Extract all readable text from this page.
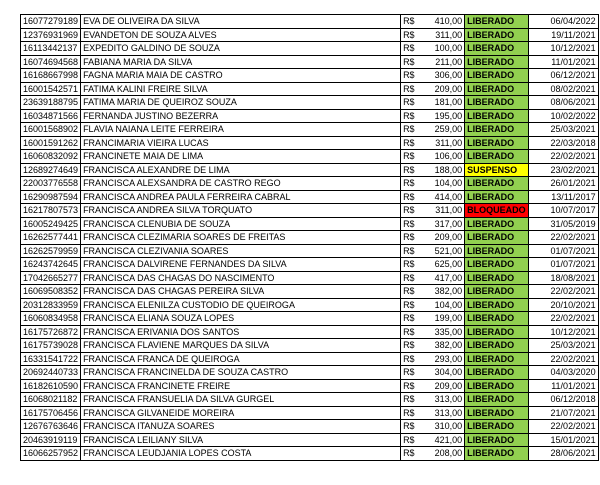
16077279189	EVA DE OLIVEIRA DA SILVA	R$	410,00	LIBERADO	06/04/2022
12376931969	EVANDETON DE SOUZA ALVES	R$	311,00	LIBERADO	19/11/2021
16113442137	EXPEDITO GALDINO DE SOUZA	R$	100,00	LIBERADO	10/12/2021
16074694568	FABIANA MARIA DA SILVA	R$	211,00	LIBERADO	11/01/2021
16168667998	FAGNA MARIA MAIA DE CASTRO	R$	306,00	LIBERADO	06/12/2021
16001542571	FATIMA KALINI FREIRE SILVA	R$	209,00	LIBERADO	08/02/2021
23639188795	FATIMA MARIA DE QUEIROZ SOUZA	R$	181,00	LIBERADO	08/06/2021
16034871566	FERNANDA JUSTINO BEZERRA	R$	195,00	LIBERADO	10/02/2022
16001568902	FLAVIA NAIANA LEITE FERREIRA	R$	259,00	LIBERADO	25/03/2021
16001591262	FRANCIMARIA VIEIRA LUCAS	R$	311,00	LIBERADO	22/03/2018
16060832092	FRANCINETE MAIA DE LIMA	R$	106,00	LIBERADO	22/02/2021
12689274649	FRANCISCA ALEXANDRE DE LIMA	R$	188,00	SUSPENSO	23/02/2021
22003776558	FRANCISCA ALEXSANDRA DE CASTRO REGO	R$	104,00	LIBERADO	26/01/2021
16290987594	FRANCISCA ANDREA PAULA FERREIRA CABRAL	R$	414,00	LIBERADO	13/11/2017
16217807573	FRANCISCA ANDREA SILVA TORQUATO	R$	311,00	BLOQUEADO	10/07/2017
16005249425	FRANCISCA CLENUBIA DE SOUZA	R$	317,00	LIBERADO	31/05/2019
16262577441	FRANCISCA CLEZIMARIA SOARES DE FREITAS	R$	209,00	LIBERADO	22/02/2021
16262579959	FRANCISCA CLEZIVANIA SOARES	R$	521,00	LIBERADO	01/07/2021
16243742645	FRANCISCA DALVIRENE FERNANDES DA SILVA	R$	625,00	LIBERADO	01/07/2021
17042665277	FRANCISCA DAS CHAGAS DO NASCIMENTO	R$	417,00	LIBERADO	18/08/2021
16069508352	FRANCISCA DAS CHAGAS PEREIRA SILVA	R$	382,00	LIBERADO	22/02/2021
20312833959	FRANCISCA ELENILZA CUSTODIO DE QUEIROGA	R$	104,00	LIBERADO	20/10/2021
16060834958	FRANCISCA ELIANA SOUZA LOPES	R$	199,00	LIBERADO	22/02/2021
16175726872	FRANCISCA ERIVANIA DOS SANTOS	R$	335,00	LIBERADO	10/12/2021
16175739028	FRANCISCA FLAVIENE MARQUES DA SILVA	R$	382,00	LIBERADO	25/03/2021
16331541722	FRANCISCA FRANCA DE QUEIROGA	R$	293,00	LIBERADO	22/02/2021
20692440733	FRANCISCA FRANCINELDA DE SOUZA CASTRO	R$	304,00	LIBERADO	04/03/2020
16182610590	FRANCISCA FRANCINETE FREIRE	R$	209,00	LIBERADO	11/01/2021
16068021182	FRANCISCA FRANSUELIA DA SILVA GURGEL	R$	313,00	LIBERADO	06/12/2018
16175706456	FRANCISCA GILVANEIDE MOREIRA	R$	313,00	LIBERADO	21/07/2021
12676763646	FRANCISCA ITANUZA SOARES	R$	310,00	LIBERADO	22/02/2021
20463919119	FRANCISCA LEILIANY SILVA	R$	421,00	LIBERADO	15/01/2021
16066257952	FRANCISCA LEUDJANIA LOPES COSTA	R$	208,00	LIBERADO	28/06/2021
